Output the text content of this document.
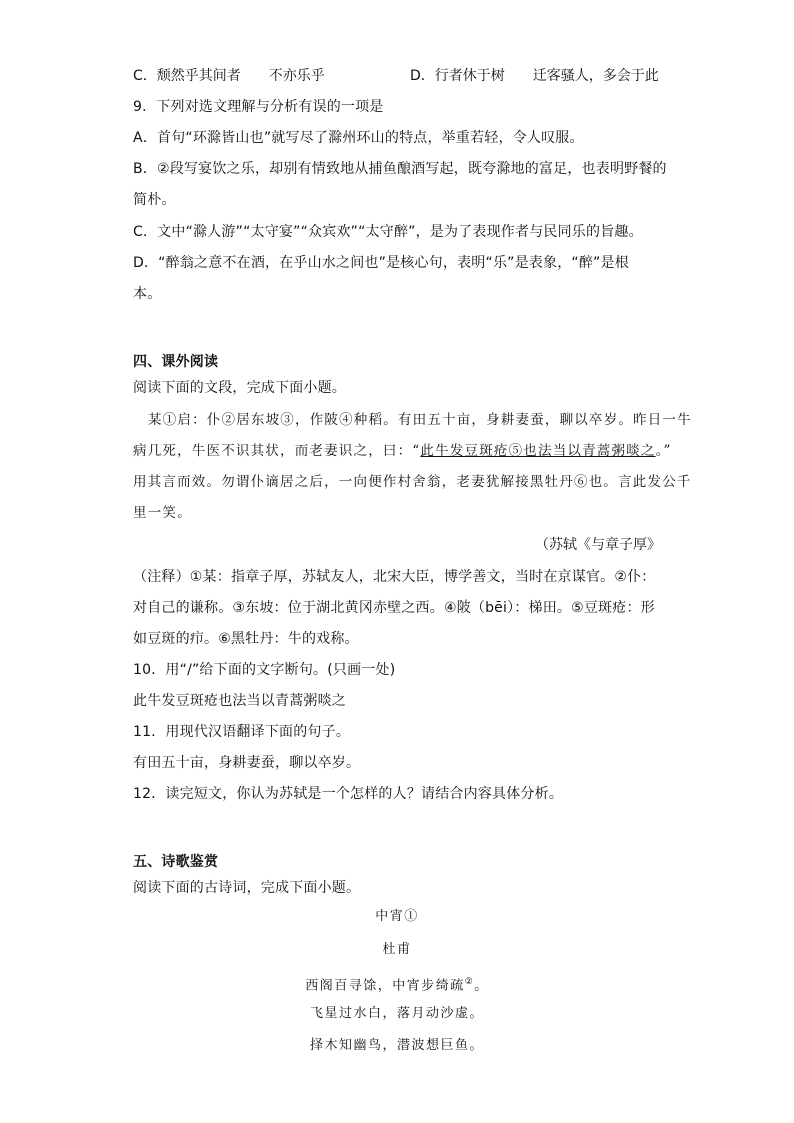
C．颓然乎其间者　　不亦乐乎	D．行者休于树　　迁客骚人，多会于此
9．下列对选文理解与分析有误的一项是
A．首句“环滁皆山也”就写尽了滁州环山的特点，举重若轻，令人叹服。
B．②段写宴饮之乐，却别有情致地从捕鱼酿酒写起，既夸滁地的富足，也表明野餐的
简朴。
C．文中“滁人游”“太守宴”“众宾欢”“太守醉”，是为了表现作者与民同乐的旨趣。
D．“醉翁之意不在酒，在乎山水之间也”是核心句，表明“乐”是表象，“醉”是根
本。
四、课外阅读
阅读下面的文段，完成下面小题。
某①启：仆②居东坡③，作陂④种稻。有田五十亩，身耕妻蚕，聊以卒岁。昨日一牛
病几死，牛医不识其状，而老妻识之，曰：“此牛发豆斑疮⑤也法当以青蒿粥啖之。”
用其言而效。勿谓仆谪居之后，一向便作村舍翁，老妻犹解接黑牡丹⑥也。言此发公千
里一笑。
（苏轼《与章子厚》
（注释）①某：指章子厚，苏轼友人，北宋大臣，博学善文，当时在京谋官。②仆：
对自己的谦称。③东坡：位于湖北黄冈赤壁之西。④陂（bēi）：梯田。⑤豆斑疮：形
如豆斑的疖。⑥黑牡丹：牛的戏称。
10．用“/”给下面的文字断句。(只画一处)
此牛发豆斑疮也法当以青蒿粥啖之
11．用现代汉语翻译下面的句子。
有田五十亩，身耕妻蚕，聊以卒岁。
12．读完短文，你认为苏轼是一个怎样的人？请结合内容具体分析。
五、诗歌鉴赏
阅读下面的古诗词，完成下面小题。
中宵①
杜甫
西阁百寻馀，中宵步绮疏②。
飞星过水白，落月动沙虚。
择木知幽鸟，潜波想巨鱼。
